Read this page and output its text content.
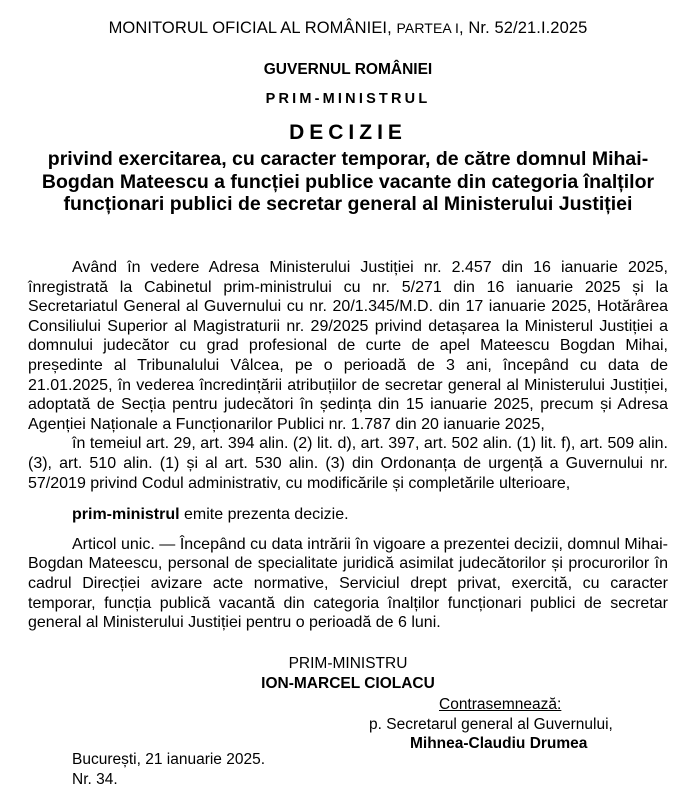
MONITORUL OFICIAL AL ROMÂNIEI, PARTEA I, Nr. 52/21.I.2025
GUVERNUL ROMÂNIEI
PRIM-MINISTRUL
DECIZIE
privind exercitarea, cu caracter temporar, de către domnul Mihai-Bogdan Mateescu a funcției publice vacante din categoria înalților funcționari publici de secretar general al Ministerului Justiției

Având în vedere Adresa Ministerului Justiției nr. 2.457 din 16 ianuarie 2025, înregistrată la Cabinetul prim-ministrului cu nr. 5/271 din 16 ianuarie 2025 și la Secretariatul General al Guvernului cu nr. 20/1.345/M.D. din 17 ianuarie 2025, Hotărârea Consiliului Superior al Magistraturii nr. 29/2025 privind detașarea la Ministerul Justiției a domnului judecător cu grad profesional de curte de apel Mateescu Bogdan Mihai, președinte al Tribunalului Vâlcea, pe o perioadă de 3 ani, începând cu data de 21.01.2025, în vederea încredințării atribuțiilor de secretar general al Ministerului Justiției, adoptată de Secția pentru judecători în ședința din 15 ianuarie 2025, precum și Adresa Agenției Naționale a Funcționarilor Publici nr. 1.787 din 20 ianuarie 2025,

în temeiul art. 29, art. 394 alin. (2) lit. d), art. 397, art. 502 alin. (1) lit. f), art. 509 alin. (3), art. 510 alin. (1) și al art. 530 alin. (3) din Ordonanța de urgență a Guvernului nr. 57/2019 privind Codul administrativ, cu modificările și completările ulterioare,

prim-ministrul emite prezenta decizie.

Articol unic. — Începând cu data intrării în vigoare a prezentei decizii, domnul Mihai-Bogdan Mateescu, personal de specialitate juridică asimilat judecătorilor și procurorilor în cadrul Direcției avizare acte normative, Serviciul drept privat, exercită, cu caracter temporar, funcția publică vacantă din categoria înalților funcționari publici de secretar general al Ministerului Justiției pentru o perioadă de 6 luni.

PRIM-MINISTRU
ION-MARCEL CIOLACU
Contrasemnează:
p. Secretarul general al Guvernului,
Mihnea-Claudiu Drumea
București, 21 ianuarie 2025.
Nr. 34.
